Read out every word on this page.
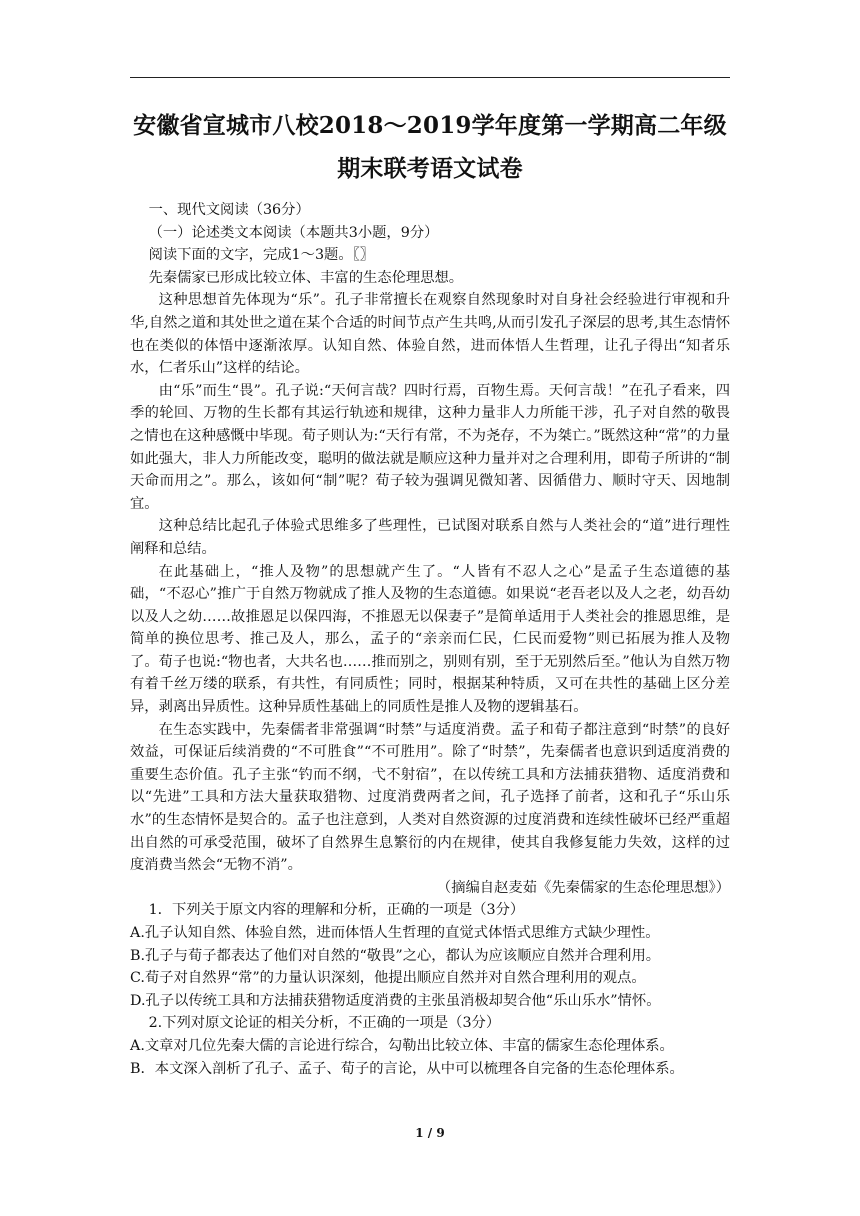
安徽省宣城市八校2018～2019学年度第一学期高二年级期末联考语文试卷

一、现代文阅读（36分）

（一）论述类文本阅读（本题共3小题，9分）

阅读下面的文字，完成1～3题。〖〗

先秦儒家已形成比较立体、丰富的生态伦理思想。

这种思想首先体现为“乐”。孔子非常擅长在观察自然现象时对自身社会经验进行审视和升华,自然之道和其处世之道在某个合适的时间节点产生共鸣,从而引发孔子深层的思考,其生态情怀也在类似的体悟中逐渐浓厚。认知自然、体验自然，进而体悟人生哲理，让孔子得出“知者乐水，仁者乐山”这样的结论。

由“乐”而生“畏”。孔子说:“天何言哉？四时行焉，百物生焉。天何言哉！”在孔子看来，四季的轮回、万物的生长都有其运行轨迹和规律，这种力量非人力所能干涉，孔子对自然的敬畏之情也在这种感慨中毕现。荀子则认为:“天行有常，不为尧存，不为桀亡。”既然这种“常”的力量如此强大，非人力所能改变，聪明的做法就是顺应这种力量并对之合理利用，即荀子所讲的“制天命而用之”。那么，该如何“制”呢？荀子较为强调见微知著、因循借力、顺时守天、因地制宜。

这种总结比起孔子体验式思维多了些理性，已试图对联系自然与人类社会的“道”进行理性阐释和总结。

在此基础上，“推人及物”的思想就产生了。“人皆有不忍人之心”是孟子生态道德的基础，“不忍心”推广于自然万物就成了推人及物的生态道德。如果说“老吾老以及人之老，幼吾幼以及人之幼……故推恩足以保四海，不推恩无以保妻子”是简单适用于人类社会的推恩思维，是简单的换位思考、推己及人，那么，孟子的“亲亲而仁民，仁民而爱物”则已拓展为推人及物了。荀子也说:“物也者，大共名也……推而别之，别则有别，至于无别然后至。”他认为自然万物有着千丝万缕的联系，有共性，有同质性；同时，根据某种特质，又可在共性的基础上区分差异，剥离出异质性。这种异质性基础上的同质性是推人及物的逻辑基石。

在生态实践中，先秦儒者非常强调“时禁”与适度消费。孟子和荀子都注意到“时禁”的良好效益，可保证后续消费的“不可胜食”“不可胜用”。除了“时禁”，先秦儒者也意识到适度消费的重要生态价值。孔子主张“钓而不纲，弋不射宿”，在以传统工具和方法捕获猎物、适度消费和以“先进”工具和方法大量获取猎物、过度消费两者之间，孔子选择了前者，这和孔子“乐山乐水”的生态情怀是契合的。孟子也注意到，人类对自然资源的过度消费和连续性破坏已经严重超出自然的可承受范围，破坏了自然界生息繁衍的内在规律，使其自我修复能力失效，这样的过度消费当然会“无物不消”。

（摘编自赵麦茹《先秦儒家的生态伦理思想》）

1．下列关于原文内容的理解和分析，正确的一项是（3分）

A.孔子认知自然、体验自然，进而体悟人生哲理的直觉式体悟式思维方式缺少理性。

B.孔子与荀子都表达了他们对自然的“敬畏”之心，都认为应该顺应自然并合理利用。

C.荀子对自然界“常”的力量认识深刻，他提出顺应自然并对自然合理利用的观点。

D.孔子以传统工具和方法捕获猎物适度消费的主张虽消极却契合他“乐山乐水”情怀。

2.下列对原文论证的相关分析，不正确的一项是（3分）

A.文章对几位先秦大儒的言论进行综合，勾勒出比较立体、丰富的儒家生态伦理体系。

B．本文深入剖析了孔子、孟子、荀子的言论，从中可以梳理各自完备的生态伦理体系。

1 / 9
